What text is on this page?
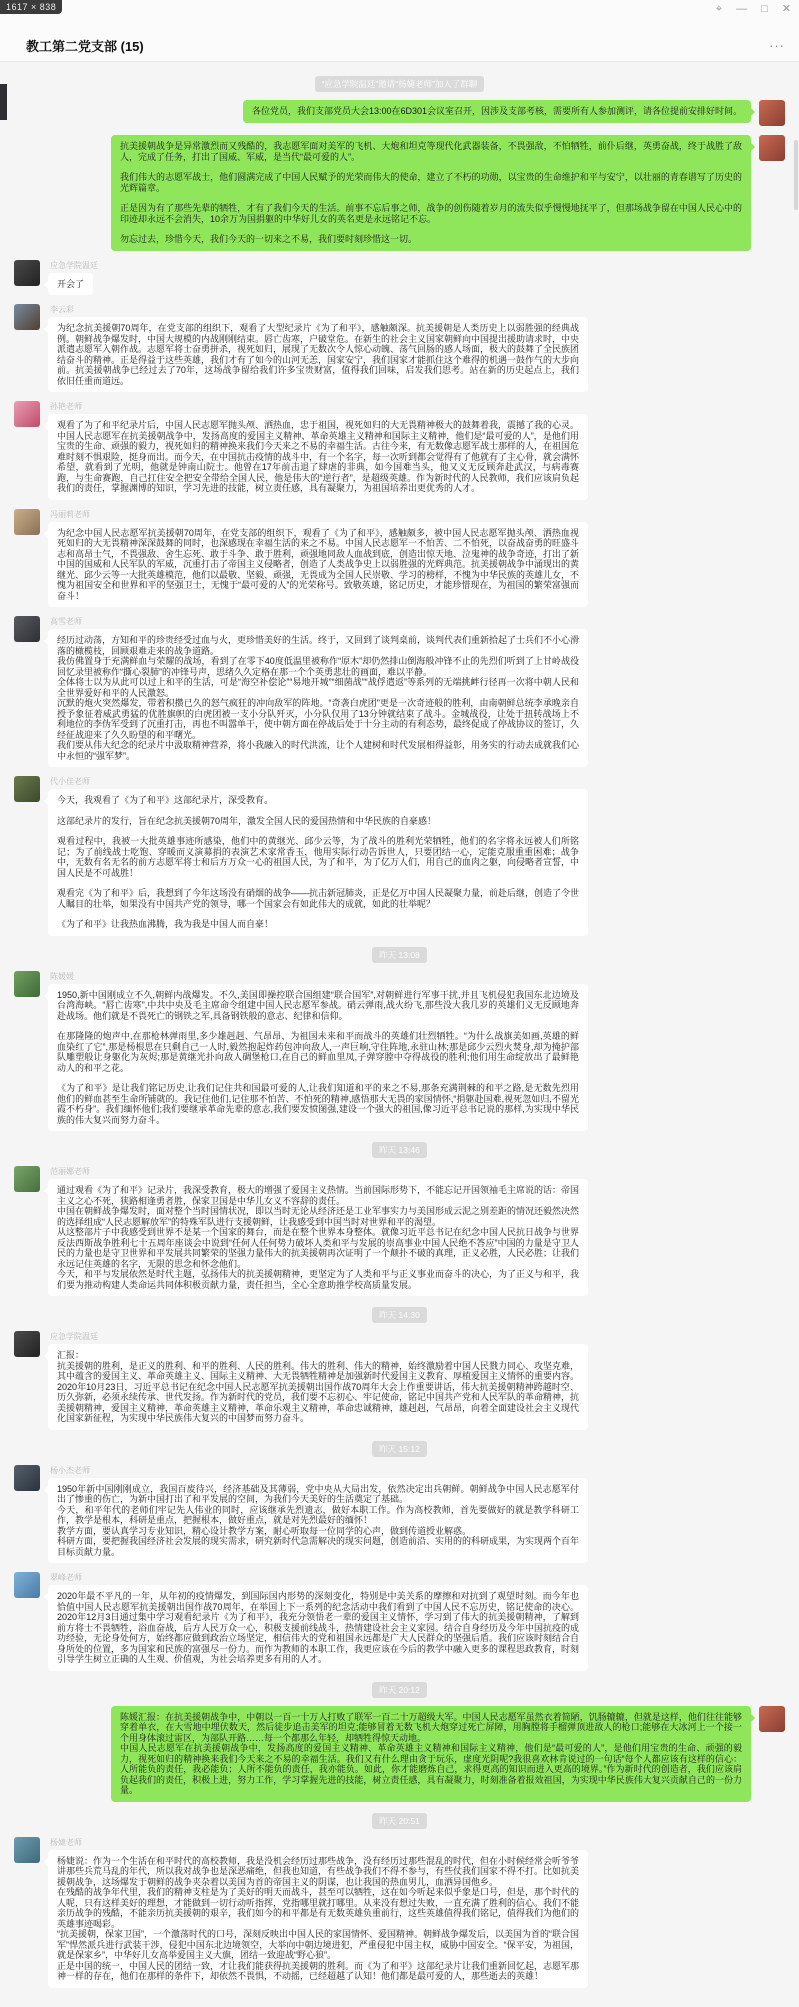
1617 × 838	⌖ — □ ✕
教工第二党支部 (15)	···
“应急学院温廷”邀请“杨婕老师”加入了群聊

各位党员，我们支部党员大会13:00在6D301会议室召开，因涉及支部考核，需要所有人参加测评，请各位提前安排好时间。

抗美援朝战争是异常激烈而又残酷的，我志愿军面对美军的飞机、大炮和坦克等现代化武器装备，不畏强敌，不怕牺牲，前仆后继，英勇奋战，终于战胜了敌人，完成了任务，打出了国威、军威，是当代“最可爱的人”。

我们伟大的志愿军战士，他们圆满完成了中国人民赋予的光荣而伟大的使命，建立了不朽的功勋，以宝贵的生命维护和平与安宁，以壮丽的青春谱写了历史的光辉篇章。

正是因为有了那些先辈的牺牲，才有了我们今天的生活。前事不忘后事之师，战争的创伤随着岁月的流失似乎慢慢地抚平了，但那场战争留在中国人民心中的印迹却永远不会消失，10余万为国捐躯的中华好儿女的英名更是永远铭记不忘。

勿忘过去，珍惜今天，我们今天的一切来之不易，我们要时刻珍惜这一切。

应急学院温廷

开会了

李云彩

为纪念抗美援朝70周年，在党支部的组织下，观看了大型纪录片《为了和平》，感触颇深。抗美援朝是人类历史上以弱胜强的经典战例。朝鲜战争爆发时，中国大规模的内战刚刚结束。唇亡齿寒，户破堂危。在新生的社会主义国家朝鲜向中国提出援助请求时，中央派遣志愿军入朝作战。志愿军将士奋勇拼杀，视死如归，展现了无数次令人惊心动魄、荡气回肠的感人场面，极大的鼓舞了全民族团结奋斗的精神。正是得益于这些英雄，我们才有了如今的山河无恙，国家安宁，我们国家才能抓住这个难得的机遇一鼓作气的大步向前。抗美援朝战争已经过去了70年，这场战争留给我们许多宝贵财富，值得我们回味，启发我们思考。站在新的历史起点上，我们依旧任重而道远。

孙艳老师

观看了为了和平纪录片后，中国人民志愿军抛头颅、洒热血，忠于祖国，视死如归的大无畏精神极大的鼓舞着我，震撼了我的心灵。中国人民志愿军在抗美援朝战争中，发扬高度的爱国主义精神、革命英雄主义精神和国际主义精神，他们是“最可爱的人”，是他们用宝贵的生命、顽强的毅力，视死如归的精神换来我们今天来之不易的幸福生活。古往今来，有无数像志愿军战士那样的人，在祖国危难时刻不惧艰险，挺身而出。而今天，在中国抗击疫情的战斗中，有一个名字，每一次听到都会觉得有了他就有了主心骨，就会满怀希望，就看到了光明，他就是钟南山院士。他曾在17年前击退了肆虐的非典，如今国难当头，他又义无反顾奔赴武汉，与病毒赛跑，与生命赛跑，自己扛住安全把安全带给全国人民，他是伟大的“逆行者”，是超级英雄。作为新时代的人民教师，我们应该肩负起我们的责任，掌握渊博的知识，学习先进的技能，树立责任感，具有凝聚力，为祖国培养出更优秀的人才。

冯丽莉老师

为纪念中国人民志愿军抗美援朝70周年，在党支部的组织下，观看了《为了和平》，感触颇多，被中国人民志愿军抛头颅、洒热血视死如归的大无畏精神深深鼓舞的同时，也深感现在幸福生活的来之不易。中国人民志愿军一不怕苦、二不怕死，以奋战奋勇的旺盛斗志和高昂士气，不畏强敌、舍生忘死、敢于斗争、敢于胜利，顽强地同敌人血战到底，创造出惊天地、泣鬼神的战争奇迹，打出了新中国的国威和人民军队的军威，沉重打击了帝国主义侵略者，创造了人类战争史上以弱胜强的光辉典范。抗美援朝战争中涌现出的黄继光、邱少云等一大批英雄模范，他们以最敬、坚毅、顽强，无畏成为全国人民崇敬、学习的榜样，不愧为中华民族的英雄儿女，不愧为祖国安全和世界和平的坚强卫士，无愧于“最可爱的人”的光荣称号。致敬英雄，铭记历史，才能珍惜现在，为祖国的繁荣富强而奋斗！

高雪老师

经历过动荡，方知和平的珍贵经受过血与火，更珍惜美好的生活。终于，又回到了谈判桌前，谈判代表们重新拾起了士兵们不小心滑落的橄榄枝，回顾艰难走来的战争道路。

我仿佛置身于充满鲜血与荣耀的战场，看到了在零下40度低温里被称作“原木”却仍然排山倒海般冲锋不止的先烈们听到了上甘岭战役回忆录里被称作“撕心裂肺”的冲锋号声，思绪久久定格在那一个个英勇悲壮的画面，难以平静。

全体将士以为从此可以过上和平的生活，可是“海空补偿论”“易地开城”“细菌战”“战俘遣返”等系列的无端挑衅行径再一次将中朝人民和全世界爱好和平的人民激怒。

沉默的炮火突然爆发，带着积攒已久的怒气疯狂的冲向敌军的阵地。“奇袭白虎团”更是一次奇迹般的胜利，由南朝鲜总统李承晚亲自授予象征着威武勇猛的优胜旗帜的白虎团被一支小分队歼灭，小分队仅用了13分钟就结束了战斗。金城战役，让处于扭转战场上不利地位的李伪军受到了沉重打击，再也不叫嚣单干，使中朝方面在停战后处于十分主动的有利态势，最终促成了停战协议的签订，久经征战迎来了久久盼望的和平曙光。

我们要从伟大纪念的纪录片中汲取精神营养，将小我融入的时代洪流，让个人建树和时代发展相得益彰，用务实的行动去成就我们心中永恒的“强军梦”。

代小佳老师

今天，我观看了《为了和平》这部纪录片，深受教育。

这部纪录片的发行，旨在纪念抗美援朝70周年，激发全国人民的爱国热情和中华民族的自豪感！

观看过程中，我被一大批英雄事迹所感染，他们中的黄继光、邱少云等，为了战斗的胜利光荣牺牲，他们的名字将永远被人们所铭记；为了前线战士吃饱、穿暖而义演募捐的表演艺术家常香玉，他用实际行动告诉世人，只要团结一心，定能克服重重困难；战争中，无数有名无名的前方志愿军将士和后方万众一心的祖国人民，为了和平，为了亿万人们，用自己的血肉之躯，向侵略者宣誓，中国人民是不可战胜！

观看完《为了和平》后，我想到了今年这场没有硝烟的战争——抗击新冠肺炎，正是亿万中国人民凝聚力量，前赴后继，创造了令世人瞩目的壮举，如果没有中国共产党的领导，哪一个国家会有如此伟大的成就，如此的壮举呢？

《为了和平》让我热血沸腾，我为我是中国人而自豪！

昨天 13:08
陈媛媛

1950,新中国刚成立不久,朝鲜内战爆发。不久,美国即操控联合国组建“联合国军”,对朝鲜进行军事干扰,并且飞机侵犯我国东北边境及台湾海峡。“唇亡齿寒”,中共中央及毛主席命令组建中国人民志愿军参战。硝云弹雨,战火纷飞,那些没大我几岁的英雄们义无反顾地奔赴战场。他们就是不畏死亡的钢铁之军,具备钢铁般的意志、纪律和信仰。

在那隆隆的炮声中,在那枪林弹雨里,多少雄赳赳、气昂昂、为祖国未来和平而战斗的英雄们壮烈牺牲。“为什么战旗美如画,英雄的鲜血染红了它”,那是杨根思在只剩自己一人时,毅然抱起炸药包冲向敌人,一声巨响,守住阵地,永驻山林;那是邱少云烈火焚身,却为掩护部队雕塑般让身躯化为灰烬;那是黄继光扑向敌人碉堡枪口,在自己的鲜血里凤,子弹穿膛中夺得战役的胜利;他们用生命绽放出了最鲜艳动人的和平之花。

《为了和平》是让我们铭记历史,让我们记住共和国最可爱的人,让我们知道和平的来之不易,那条充满荆棘的和平之路,是无数先烈用他们的鲜血甚至生命所铺就的。我记住他们,记住那不怕苦、不怕死的精神,感悟那大无畏的家国情怀,“捐躯赴国难,视死忽如归,不留光霞不朽身”。我们缅怀他们;我们要继承革命先辈的意志,我们要发愤图强,建设一个强大的祖国,像习近平总书记说的那样,为实现中华民族的伟大复兴而努力奋斗。

昨天 13:46
范丽娜老师

通过观看《为了和平》记录片，我深受教育，极大的增强了爱国主义热情。当前国际形势下，不能忘记开国领袖毛主席说的话：帝国主义之心不死，狭路相逢勇者胜，保家卫国是中华儿女义不容辞的责任。

中国在朝鲜战争爆发时，面对整个当时国情状况，即以当时无论从经济还是工业军事实力与美国形成云泥之别差距的情况还毅然决然的选择组成“人民志愿解放军”的特殊军队进行支援朝鲜，让我感受到中国当时对世界和平的渴望。

从这整部片子中我感受到世界不是某一个国家的舞台，而是在整个世界本身整体。就像习近平总书记在纪念中国人民抗日战争与世界反法西斯战争胜利七十五周年座谈会中说到“任何人任何势力破坏人类和平与发展的崇高事业中国人民绝不答应”中国的力量是守卫人民的力量也是守卫世界和平发展共同繁荣的坚强力量伟大的抗美援朝再次证明了一个颠扑不破的真理，正义必胜，人民必胜；让我们永远记住英雄的名字，无限的思念和怀念他们。

今天，和平与发展依然是时代主题，弘扬伟大的抗美援朝精神，更坚定为了人类和平与正义事业而奋斗的决心，为了正义与和平，我们要为推动构建人类命运共同体积极贡献力量，责任担当，全心全意助推学校高质量发展。

昨天 14:30
应急学院温廷

汇报：

抗美援朝的胜利，是正义的胜利、和平的胜利、人民的胜利。伟大的胜利、伟大的精神，始终激励着中国人民戮力同心、攻坚克难，其中蕴含的爱国主义、革命英雄主义、国际主义精神、大无畏牺牲精神是加强新时代爱国主义教育、厚植爱国主义情怀的重要内容。

2020年10月23日，习近平总书记在纪念中国人民志愿军抗美援朝出国作战70周年大会上作重要讲话，伟大抗美援朝精神跨越时空、历久弥新，必须永续传承、世代发扬。作为新时代的党员，我们要不忘初心、牢记使命，铭记中国共产党和人民军队的革命精神，抗美援朝精神，爱国主义精神，革命英雄主义精神，革命乐观主义精神，革命忠诚精神，雄赳赳，气昂昂，向着全面建设社会主义现代化国家新征程，为实现中华民族伟大复兴的中国梦而努力奋斗。

昨天 15:12
杨小杰老师

1950年新中国刚刚成立，我国百废待兴，经济基础及其薄弱，党中央从大局出发，依然决定出兵朝鲜。朝鲜战争中国人民志愿军付出了惨重的伤亡，为新中国打出了和平发展的空间，为我们今天美好的生活奠定了基础。

今天，和平年代的老师们牢记先人伟业的同时，应该继承先烈遗志，做好本职工作。作为高校教师，首先要做好的就是教学科研工作，教学是根本，科研是重点，把握根本，做好重点，就是对先烈最好的缅怀！

教学方面，要认真学习专业知识，精心设计教学方案，耐心听取每一位同学的心声，做到传道授业解惑。

科研方面，要把握我国经济社会发展的现实需求，研究新时代急需解决的现实问题，创造前沿、实用的的科研成果，为实现两个百年目标贡献力量。

翠峰老师

2020年最不平凡的一年，从年初的疫情爆发，到国际国内形势的深刻变化，特别是中美关系的摩擦和对抗到了观望时刻。而今年也恰值中国人民志愿军抗美援朝出国作战70周年，在举国上下一系列的纪念活动中我们看到了中国人民不忘历史，铭记使命的决心。2020年12月3日通过集中学习观看纪录片《为了和平》，我充分领悟老一辈的爱国主义情怀，学习到了伟大的抗美援朝精神，了解到前方将士不畏牺牲，浴血奋战，后方人民万众一心，积极支援前线战斗，热情建设社会主义家园。结合自身经历及今年中国抗疫的成功经验，无论身处何方，始终都应做到政治立场坚定，相信伟大的党和祖国永远都是广大人民群众的坚强后盾。我们应该时刻结合自身所处的位置，多为国家和民族的富强尽一份力。而作为教师的本职工作，我更应该在今后的教学中融入更多的课程思政教育，时刻引导学生树立正确的人生观、价值观，为社会培养更多有用的人才。

昨天 20:12

陈媛汇报：在抗美援朝战争中，中朝以一百一十万人打败了联军一百二十万超级大军。中国人民志愿军虽然衣着简陋，饥肠辘辘，但就是这样，他们往往能够穿着单衣，在大雪地中埋伏数天，然后徒步追击美军的坦克;能够冒着无数飞机大炮穿过死亡屏障，用胸膛将手榴弹顶进敌人的枪口;能够在大冰河上一个接一个用身体滚过雷区，为部队开路……每一个都那么年轻，却牺牲得惊天动地。

中国人民志愿军在抗美援朝战争中，发扬高度的爱国主义精神、革命英雄主义精神和国际主义精神，他们是“最可爱的人”，是他们用宝贵的生命、顽强的毅力，视死如归的精神换来我们今天来之不易的幸福生活。我们又有什么理由贪于玩乐，虚度光阴呢?我很喜欢林肯说过的一句话“每个人都应该有这样的信心：人所能负的责任，我必能负；人所不能负的责任，我亦能负。如此，你才能磨炼自己，求得更高的知识而进入更高的境界。”作为新时代的创造者，我们应该肩负起我们的责任，积极上进，努力工作，学习掌握先进的技能，树立责任感，具有凝聚力，时刻准备着报效祖国，为实现中华民族伟大复兴贡献自己的一份力量。

昨天 20:51
杨婕老师

杨婕说：作为一个生活在和平时代的高校教师，我是没机会经历过那些战争，没有经历过那些混乱的时代，但在小时候经常会听爷爷讲那些兵荒马乱的年代，所以我对战争也是深恶痛绝，但我也知道，有些战争我们不得不参与，有些仗我们国家不得不打。比如抗美援朝战争，这场爆发于朝鲜的战争夹杂着以美国为首的帝国主义的阴谋，也让我国的热血男儿，血洒异国他乡。

在残酷的战争年代里，我们的精神支柱是为了美好的明天而战斗，甚至可以牺牲，这在如今听起来似乎象是口号，但是，那个时代的人呢，只有这样美好的理想，才能做到一切行动听指挥，党指哪里就打哪里。从来没有想过失败，一直充满了胜利的信心。我们不能亲历战争的残酷，不能亲历抗美援朝的艰辛，我们如今的和平都是有无数英雄负重前行，这些英雄值得我们铭记，值得我们为他们的英雄事迹喝彩。

“抗美援朝，保家卫国”，一个激荡时代的口号，深刻反映出中国人民的家国情怀、爱国精神。朝鲜战争爆发后，以美国为首的“联合国军”悍然派兵进行武装干涉，侵犯中国东北边境领空，大举向中朝边境进犯，严重侵犯中国主权，威胁中国安全。“保平安，为祖国，就是保家乡”，中华好儿女高举爱国主义大旗，团结一致迎战“野心狼”。

正是中国的统一，中国人民的团结一致，才让我们能获得抗美援朝的胜利。而《为了和平》这部纪录片让我们重新回忆起，志愿军那神一样的存在，他们在那样的条件下，却依然不畏惧，不动摇，已经超越了认知！他们都是最可爱的人，那些逝去的英雄！
